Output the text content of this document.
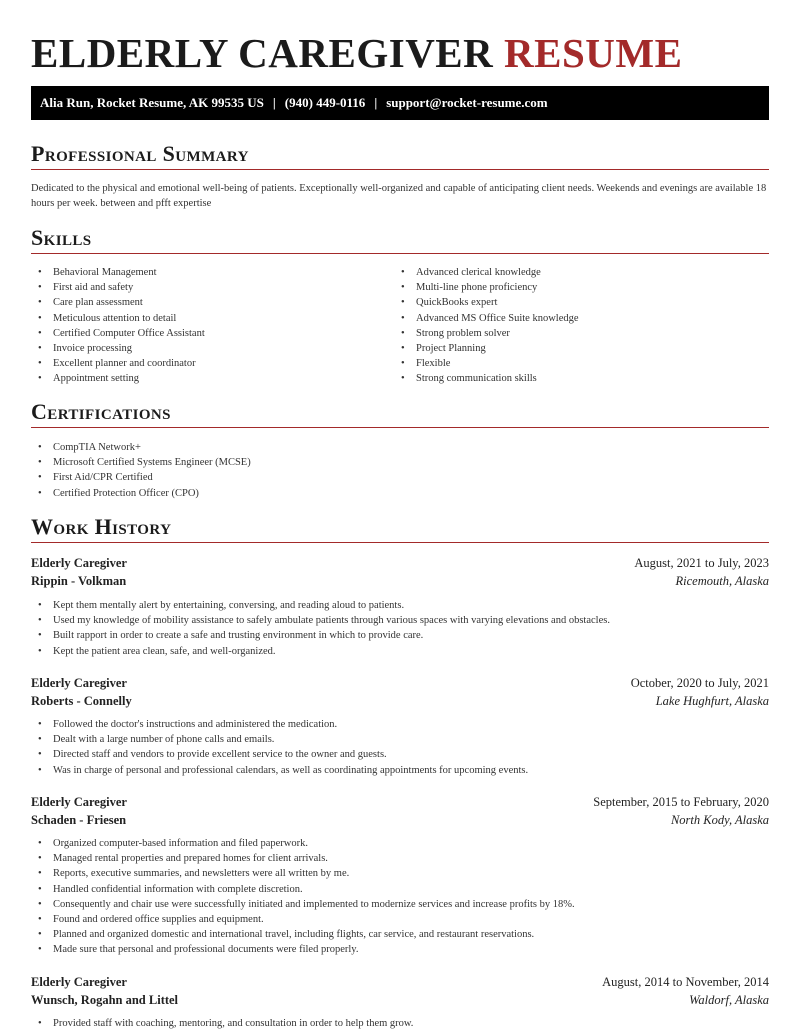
ELDERLY CAREGIVER RESUME
Alia Run, Rocket Resume, AK 99535 US | (940) 449-0116 | support@rocket-resume.com
Professional Summary
Dedicated to the physical and emotional well-being of patients. Exceptionally well-organized and capable of anticipating client needs. Weekends and evenings are available 18 hours per week. between and pfft expertise
Skills
• Behavioral Management
• First aid and safety
• Care plan assessment
• Meticulous attention to detail
• Certified Computer Office Assistant
• Invoice processing
• Excellent planner and coordinator
• Appointment setting
• Advanced clerical knowledge
• Multi-line phone proficiency
• QuickBooks expert
• Advanced MS Office Suite knowledge
• Strong problem solver
• Project Planning
• Flexible
• Strong communication skills
Certifications
• CompTIA Network+
• Microsoft Certified Systems Engineer (MCSE)
• First Aid/CPR Certified
• Certified Protection Officer (CPO)
Work History
Elderly Caregiver	August, 2021 to July, 2023
Rippin - Volkman	Ricemouth, Alaska
• Kept them mentally alert by entertaining, conversing, and reading aloud to patients.
• Used my knowledge of mobility assistance to safely ambulate patients through various spaces with varying elevations and obstacles.
• Built rapport in order to create a safe and trusting environment in which to provide care.
• Kept the patient area clean, safe, and well-organized.
Elderly Caregiver	October, 2020 to July, 2021
Roberts - Connelly	Lake Hughfurt, Alaska
• Followed the doctor's instructions and administered the medication.
• Dealt with a large number of phone calls and emails.
• Directed staff and vendors to provide excellent service to the owner and guests.
• Was in charge of personal and professional calendars, as well as coordinating appointments for upcoming events.
Elderly Caregiver	September, 2015 to February, 2020
Schaden - Friesen	North Kody, Alaska
• Organized computer-based information and filed paperwork.
• Managed rental properties and prepared homes for client arrivals.
• Reports, executive summaries, and newsletters were all written by me.
• Handled confidential information with complete discretion.
• Consequently and chair use were successfully initiated and implemented to modernize services and increase profits by 18%.
• Found and ordered office supplies and equipment.
• Planned and organized domestic and international travel, including flights, car service, and restaurant reservations.
• Made sure that personal and professional documents were filed properly.
Elderly Caregiver	August, 2014 to November, 2014
Wunsch, Rogahn and Littel	Waldorf, Alaska
• Provided staff with coaching, mentoring, and consultation in order to help them grow.
